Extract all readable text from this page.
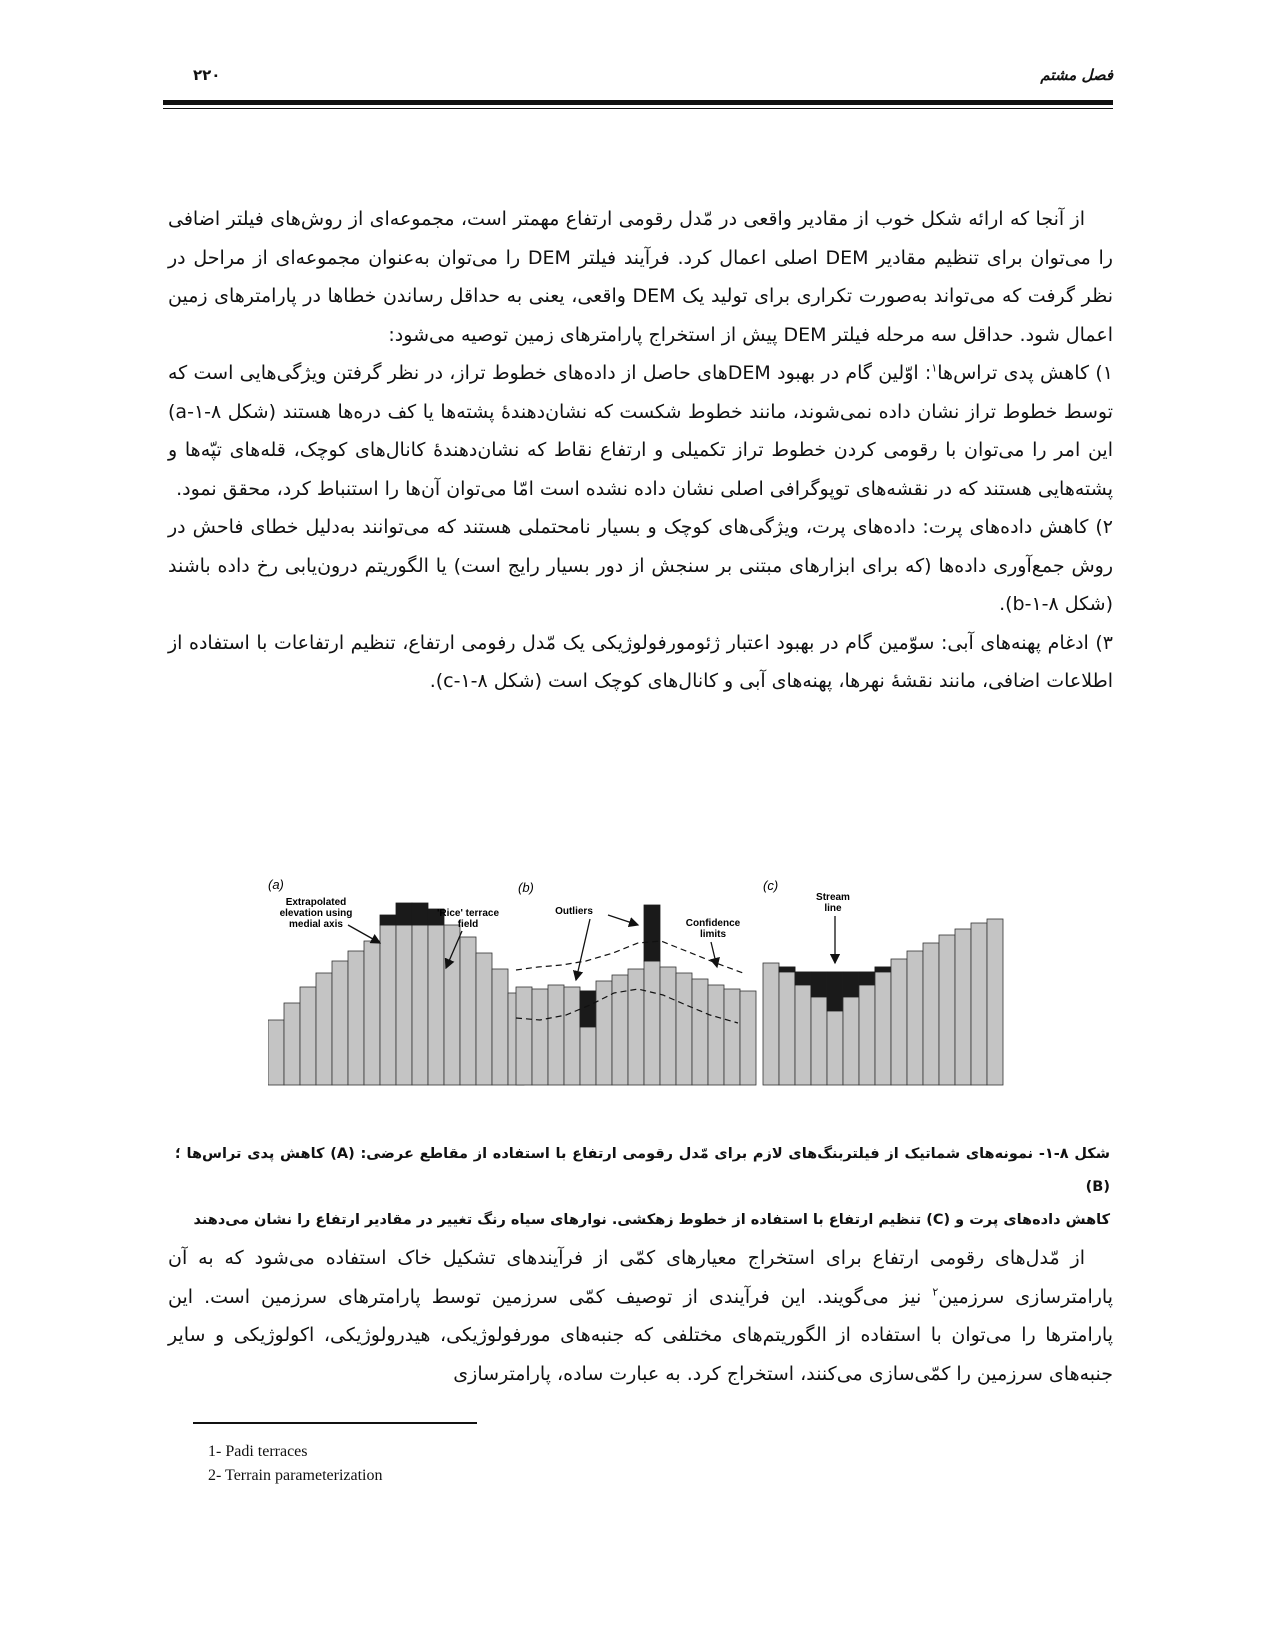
فصل مشتم
۲۲۰

از آنجا که ارائه شکل خوب از مقادیر واقعی در مّدل رقومی ارتفاع مهمتر است، مجموعه‌ای از روش‌های فیلتر اضافی را می‌توان برای تنظیم مقادیر DEM اصلی اعمال کرد. فرآیند فیلتر DEM را می‌توان به‌عنوان مجموعه‌ای از مراحل در نظر گرفت که می‌تواند به‌صورت تکراری برای تولید یک DEM واقعی، یعنی به حداقل رساندن خطاها در پارامترهای زمین اعمال شود. حداقل سه مرحله فیلتر DEM پیش از استخراج پارامترهای زمین توصیه می‌شود:

۱) کاهش پدی تراس‌ها$^۱$: اوّلین گام در بهبود DEMهای حاصل از داده‌های خطوط تراز، در نظر گرفتن ویژگی‌هایی است که توسط خطوط تراز نشان داده نمی‌شوند، مانند خطوط شکست که نشان‌دهندهٔ پشته‌ها یا کف دره‌ها هستند (شکل ۸-۱-a) این امر را می‌توان با رقومی کردن خطوط تراز تکمیلی و ارتفاع نقاط که نشان‌دهندهٔ کانال‌های کوچک، قله‌های تپّه‌ها و پشته‌هایی هستند که در نقشه‌های توپوگرافی اصلی نشان داده نشده است امّا می‌توان آن‌ها را استنباط کرد، محقق نمود.

۲) کاهش داده‌های پرت: داده‌های پرت، ویژگی‌های کوچک و بسیار نامحتملی هستند که می‌توانند به‌دلیل خطای فاحش در روش جمع‌آوری داده‌ها (که برای ابزارهای مبتنی بر سنجش از دور بسیار رایج است) یا الگوریتم درون‌یابی رخ داده باشند (شکل ۸-۱-b).

۳) ادغام پهنه‌های آبی: سوّمین گام در بهبود اعتبار ژئومورفولوژیکی یک مّدل رفومی ارتفاع، تنظیم ارتفاعات با استفاده از اطلاعات اضافی، مانند نقشهٔ نهرها، پهنه‌های آبی و کانال‌های کوچک است (شکل ۸-۱-c).

(a)	(b)	(c)
Extrapolated
elevation using
medial axis
'Rice' terrace
field
Outliers
Confidence
limits
Stream
line

شکل ۸-۱- نمونه‌های شماتیک از فیلتربنگ‌های لازم برای مّدل رقومی ارتفاع با استفاده از مقاطع عرضی: (A) کاهش پدی تراس‌ها ؛ (B)

کاهش داده‌های پرت و (C) تنظیم ارتفاع با استفاده از خطوط زهکشی. نوارهای سیاه رنگ تغییر در مقادیر ارتفاع را نشان می‌دهند

از مّدل‌های رقومی ارتفاع برای استخراج معیارهای کمّی از فرآیندهای تشکیل خاک استفاده می‌شود که به آن پارامترسازی سرزمین$^۲$ نیز می‌گویند. این فرآیندی از توصیف کمّی سرزمین توسط پارامترهای سرزمین است. این پارامترها را می‌توان با استفاده از الگوریتم‌های مختلفی که جنبه‌های مورفولوژیکی، هیدرولوژیکی، اکولوژیکی و سایر جنبه‌های سرزمین را کمّی‌سازی می‌کنند، استخراج کرد. به عبارت ساده، پارامترسازی

1- Padi terraces
2- Terrain parameterization
